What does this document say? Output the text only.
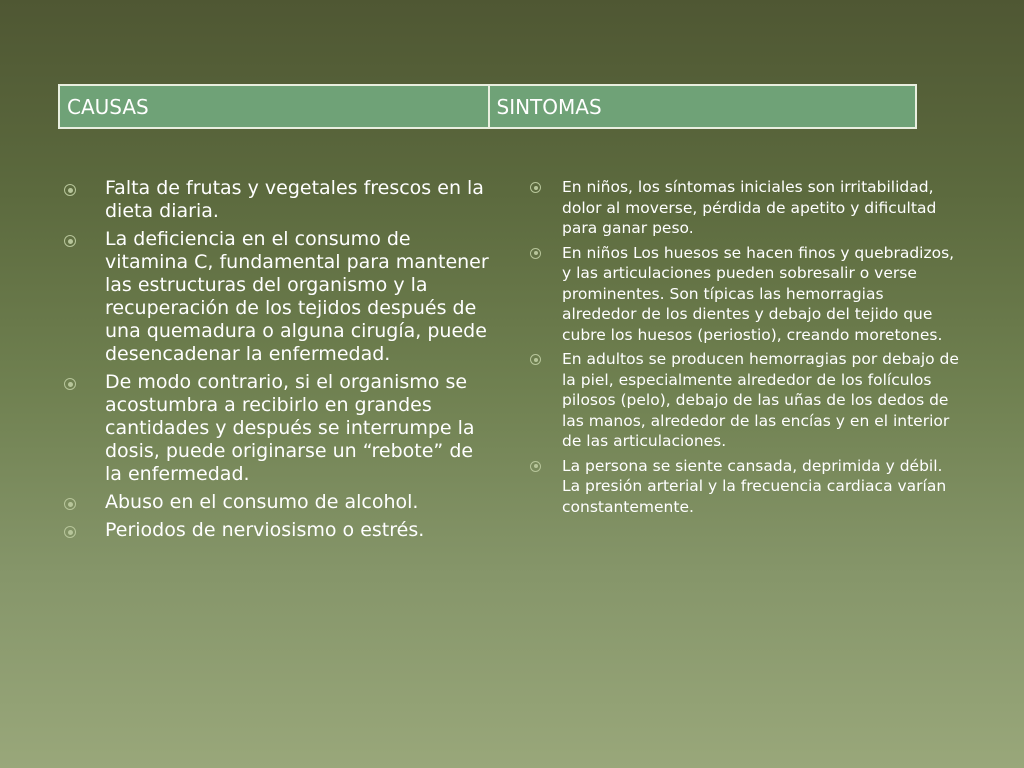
CAUSAS	SINTOMAS
Falta de frutas y vegetales frescos en la dieta diaria.
La deficiencia en el consumo de vitamina C, fundamental para mantener las estructuras del organismo y la recuperación de los tejidos después de una quemadura o alguna cirugía, puede desencadenar la enfermedad.
De modo contrario, si el organismo se acostumbra a recibirlo en grandes cantidades y después se interrumpe la dosis, puede originarse un “rebote” de la enfermedad.
Abuso en el consumo de alcohol.
Periodos de nerviosismo o estrés.
En niños, los síntomas iniciales son irritabilidad, dolor al moverse, pérdida de apetito y dificultad para ganar peso.
En niños Los huesos se hacen finos y quebradizos, y las articulaciones pueden sobresalir o verse prominentes. Son típicas las hemorragias alrededor de los dientes y debajo del tejido que cubre los huesos (periostio), creando moretones.
En adultos se producen hemorragias por debajo de la piel, especialmente alrededor de los folículos pilosos (pelo), debajo de las uñas de los dedos de las manos, alrededor de las encías y en el interior de las articulaciones.
La persona se siente cansada, deprimida y débil. La presión arterial y la frecuencia cardiaca varían constantemente.
